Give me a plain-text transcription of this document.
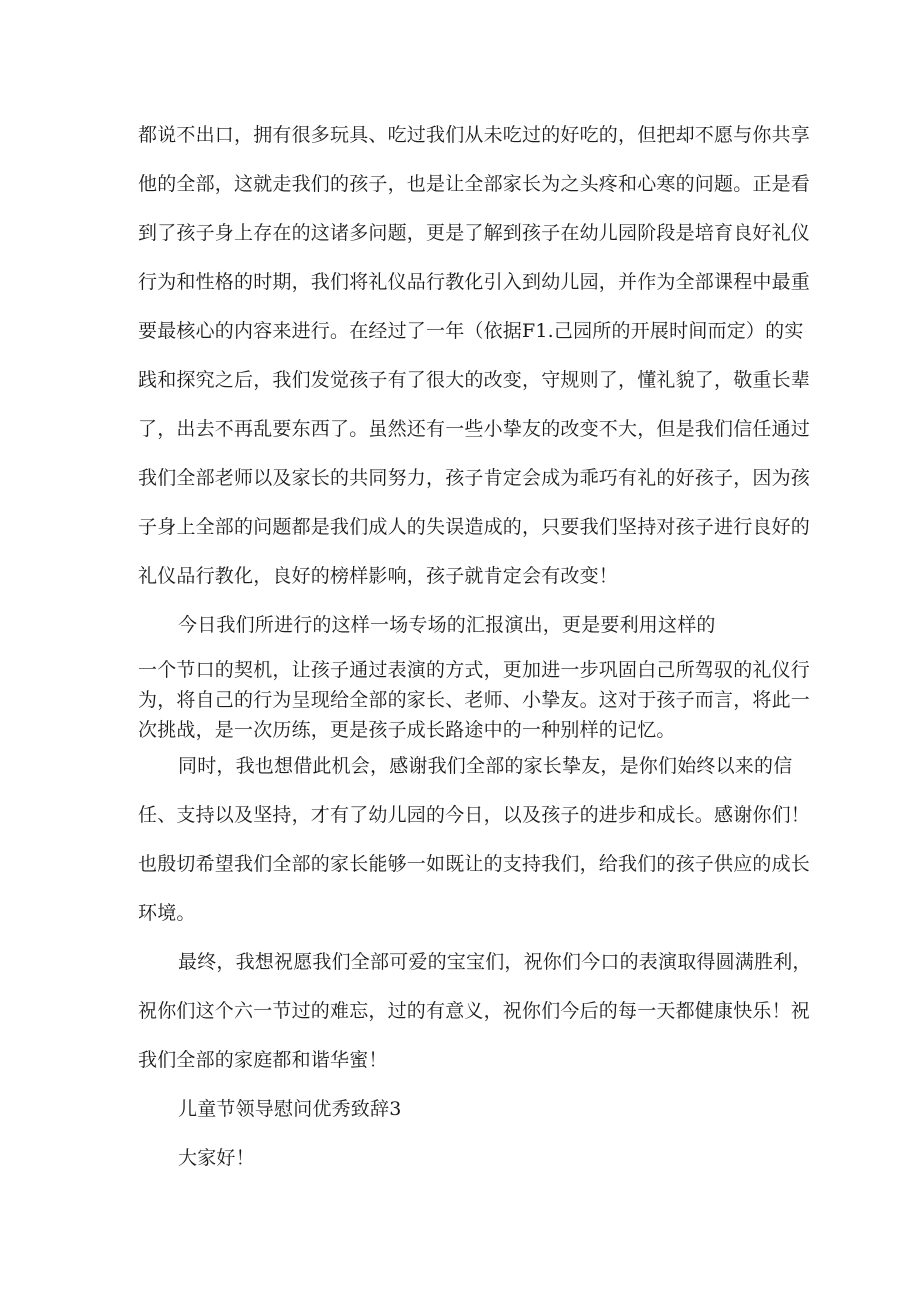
都说不出口，拥有很多玩具、吃过我们从未吃过的好吃的，但把却不愿与你共享
他的全部，这就走我们的孩子，也是让全部家长为之头疼和心寒的问题。正是看
到了孩子身上存在的这诸多问题，更是了解到孩子在幼儿园阶段是培育良好礼仪
行为和性格的时期，我们将礼仪品行教化引入到幼儿园，并作为全部课程中最重
要最核心的内容来进行。在经过了一年（依据F1.己园所的开展时间而定）的实
践和探究之后，我们发觉孩子有了很大的改变，守规则了，懂礼貌了，敬重长辈
了，出去不再乱要东西了。虽然还有一些小挚友的改变不大，但是我们信任通过
我们全部老师以及家长的共同努力，孩子肯定会成为乖巧有礼的好孩子，因为孩
子身上全部的问题都是我们成人的失误造成的，只要我们坚持对孩子进行良好的
礼仪品行教化，良好的榜样影响，孩子就肯定会有改变！
今日我们所进行的这样一场专场的汇报演出，更是要利用这样的
一个节口的契机，让孩子通过表演的方式，更加进一步巩固白己所驾驭的礼仪行
为，将自己的行为呈现给全部的家长、老师、小挚友。这对于孩子而言，将此一
次挑战，是一次历练，更是孩子成长路途中的一种别样的记忆。
同时，我也想借此机会，感谢我们全部的家长挚友，是你们始终以来的信
任、支持以及坚持，才有了幼儿园的今日，以及孩子的进步和成长。感谢你们！
也殷切希望我们全部的家长能够一如既让的支持我们，给我们的孩子供应的成长
环境。
最终，我想祝愿我们全部可爱的宝宝们，祝你们今口的表演取得圆满胜利，
祝你们这个六一节过的难忘，过的有意义，祝你们今后的每一天都健康快乐！祝
我们全部的家庭都和谐华蜜！
儿童节领导慰问优秀致辞3
大家好！
